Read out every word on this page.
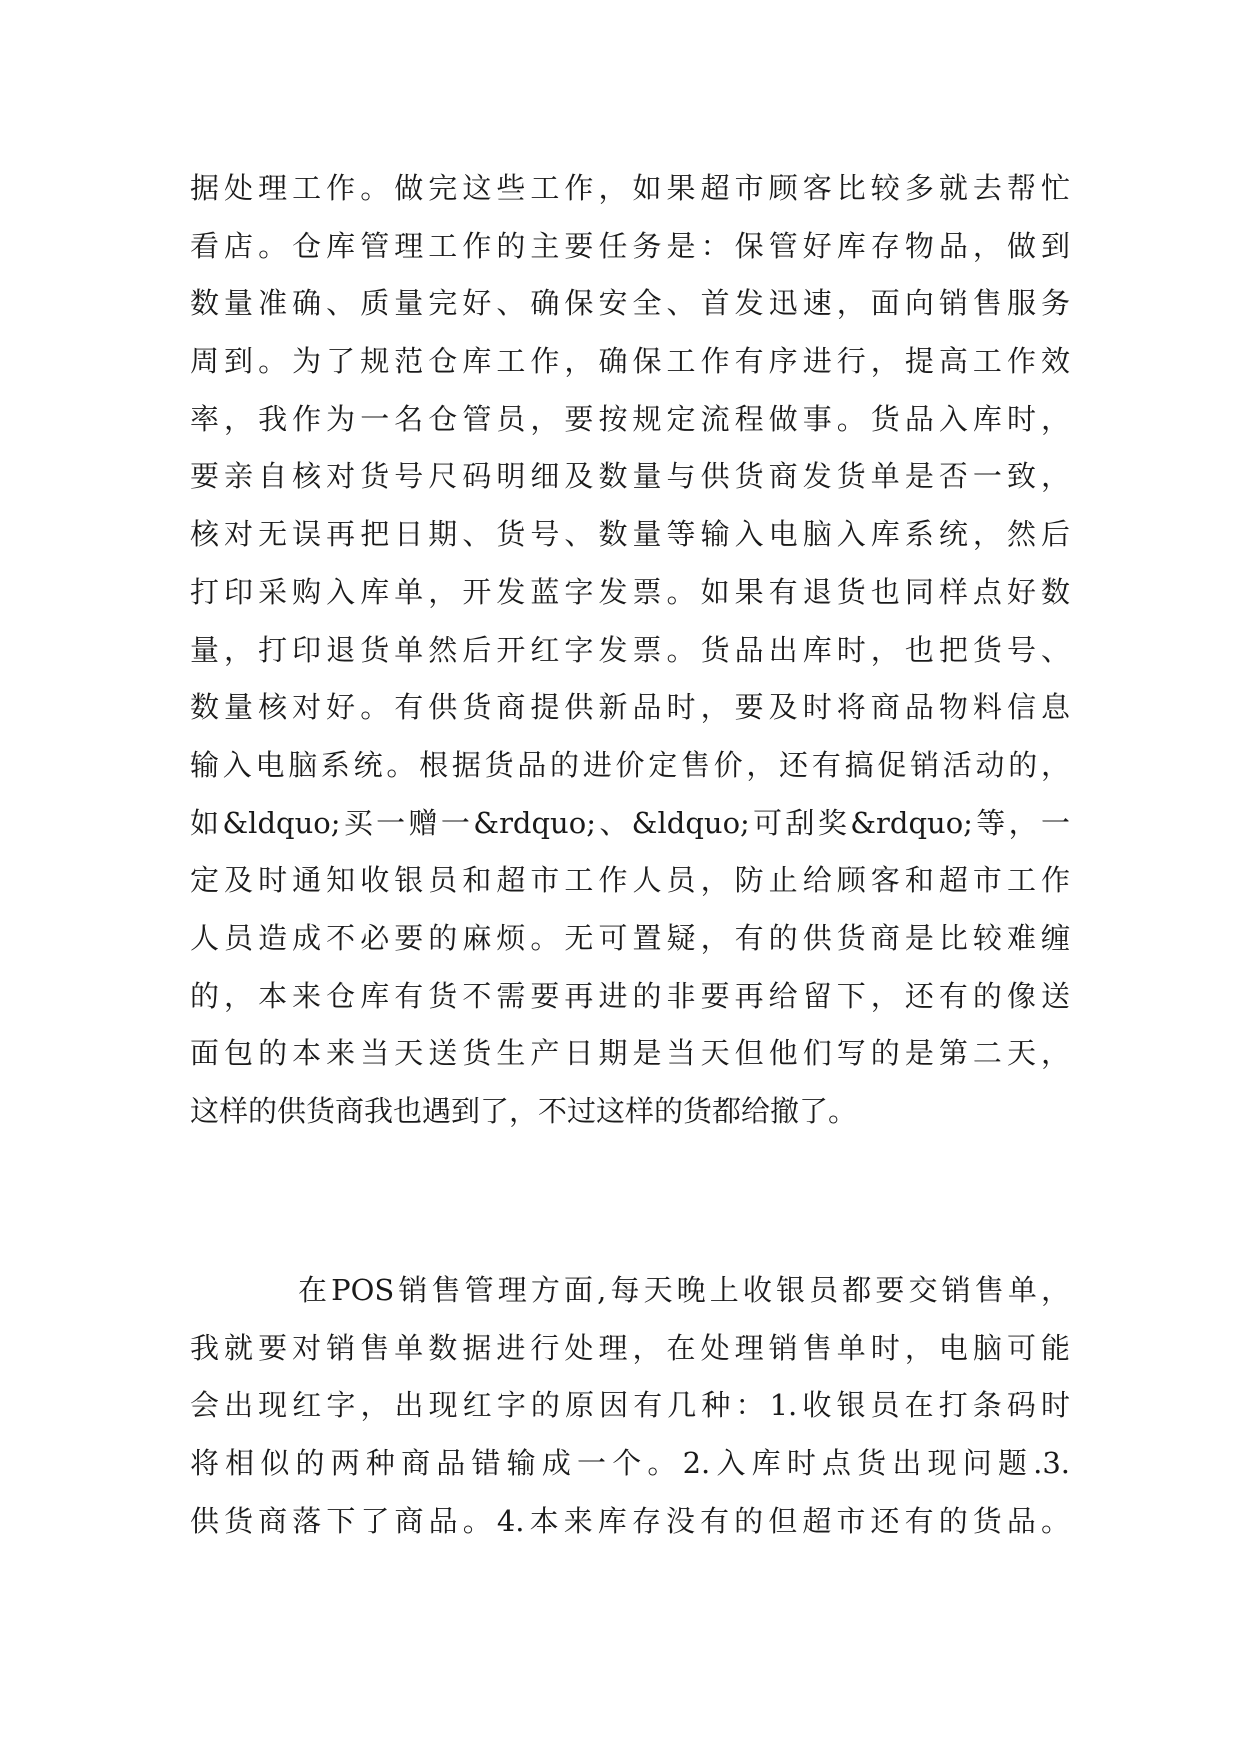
据处理工作。做完这些工作，如果超市顾客比较多就去帮忙
看店。仓库管理工作的主要任务是：保管好库存物品，做到
数量准确、质量完好、确保安全、首发迅速，面向销售服务
周到。为了规范仓库工作，确保工作有序进行，提高工作效
率，我作为一名仓管员，要按规定流程做事。货品入库时，
要亲自核对货号尺码明细及数量与供货商发货单是否一致，
核对无误再把日期、货号、数量等输入电脑入库系统，然后
打印采购入库单，开发蓝字发票。如果有退货也同样点好数
量，打印退货单然后开红字发票。货品出库时，也把货号、
数量核对好。有供货商提供新品时，要及时将商品物料信息
输入电脑系统。根据货品的进价定售价，还有搞促销活动的，
如&ldquo;买一赠一&rdquo;、&ldquo;可刮奖&rdquo;等，一
定及时通知收银员和超市工作人员，防止给顾客和超市工作
人员造成不必要的麻烦。无可置疑，有的供货商是比较难缠
的，本来仓库有货不需要再进的非要再给留下，还有的像送
面包的本来当天送货生产日期是当天但他们写的是第二天，
这样的供货商我也遇到了，不过这样的货都给撤了。
在POS销售管理方面,每天晚上收银员都要交销售单，
我就要对销售单数据进行处理，在处理销售单时，电脑可能
会出现红字，出现红字的原因有几种：1.收银员在打条码时
将相似的两种商品错输成一个。2.入库时点货出现问题.3.
供货商落下了商品。4.本来库存没有的但超市还有的货品。
